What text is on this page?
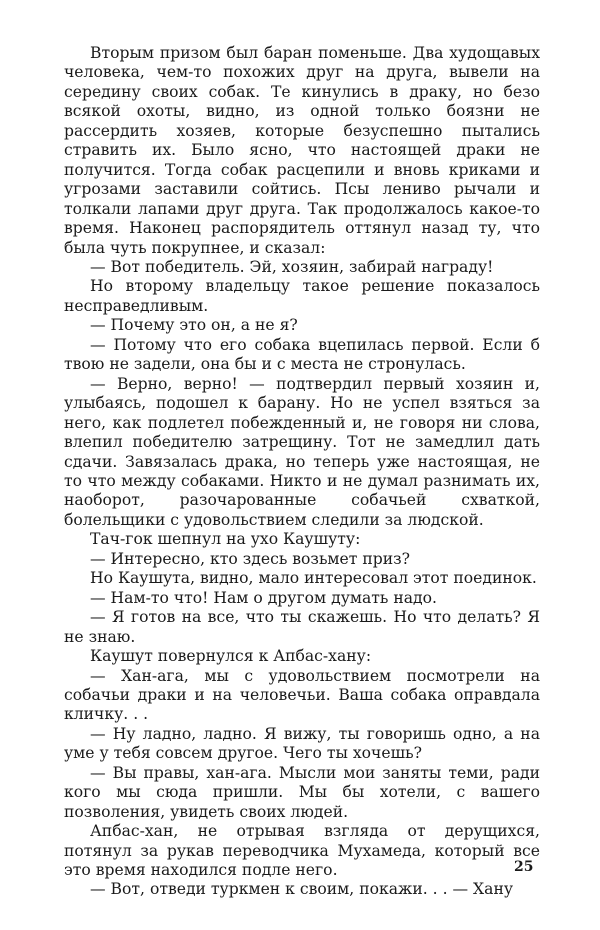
Вторым призом был баран поменьше. Два худощавых человека, чем-то похожих друг на друга, вывели на середину своих собак. Те кинулись в драку, но безо всякой охоты, видно, из одной только боязни не рассердить хозяев, которые безуспешно пытались стравить их. Было ясно, что настоящей драки не получится. Тогда собак расцепили и вновь криками и угрозами заставили сойтись. Псы лениво рычали и толкали лапами друг друга. Так продолжалось какое-то время. Наконец распорядитель оттянул назад ту, что была чуть покрупнее, и сказал:

— Вот победитель. Эй, хозяин, забирай награду!

Но второму владельцу такое решение показалось несправедливым.

— Почему это он, а не я?

— Потому что его собака вцепилась первой. Если б твою не задели, она бы и с места не стронулась.

— Верно, верно! — подтвердил первый хозяин и, улыбаясь, подошел к барану. Но не успел взяться за него, как подлетел побежденный и, не говоря ни слова, влепил победителю затрещину. Тот не замедлил дать сдачи. Завязалась драка, но теперь уже настоящая, не то что между собаками. Никто и не думал разнимать их, наоборот, разочарованные собачьей схваткой, болельщики с удовольствием следили за людской.

Тач-гок шепнул на ухо Каушуту:

— Интересно, кто здесь возьмет приз?

Но Каушута, видно, мало интересовал этот поединок.

— Нам-то что! Нам о другом думать надо.

— Я готов на все, что ты скажешь. Но что делать? Я не знаю.

Каушут повернулся к Апбас-хану:

— Хан-ага, мы с удовольствием посмотрели на собачьи драки и на человечьи. Ваша собака оправдала кличку. . .

— Ну ладно, ладно. Я вижу, ты говоришь одно, а на уме у тебя совсем другое. Чего ты хочешь?

— Вы правы, хан-ага. Мысли мои заняты теми, ради кого мы сюда пришли. Мы бы хотели, с вашего позволения, увидеть своих людей.

Апбас-хан, не отрывая взгляда от дерущихся, потянул за рукав переводчика Мухамеда, который все это время находился подле него.

— Вот, отведи туркмен к своим, покажи. . . — Хану

25
